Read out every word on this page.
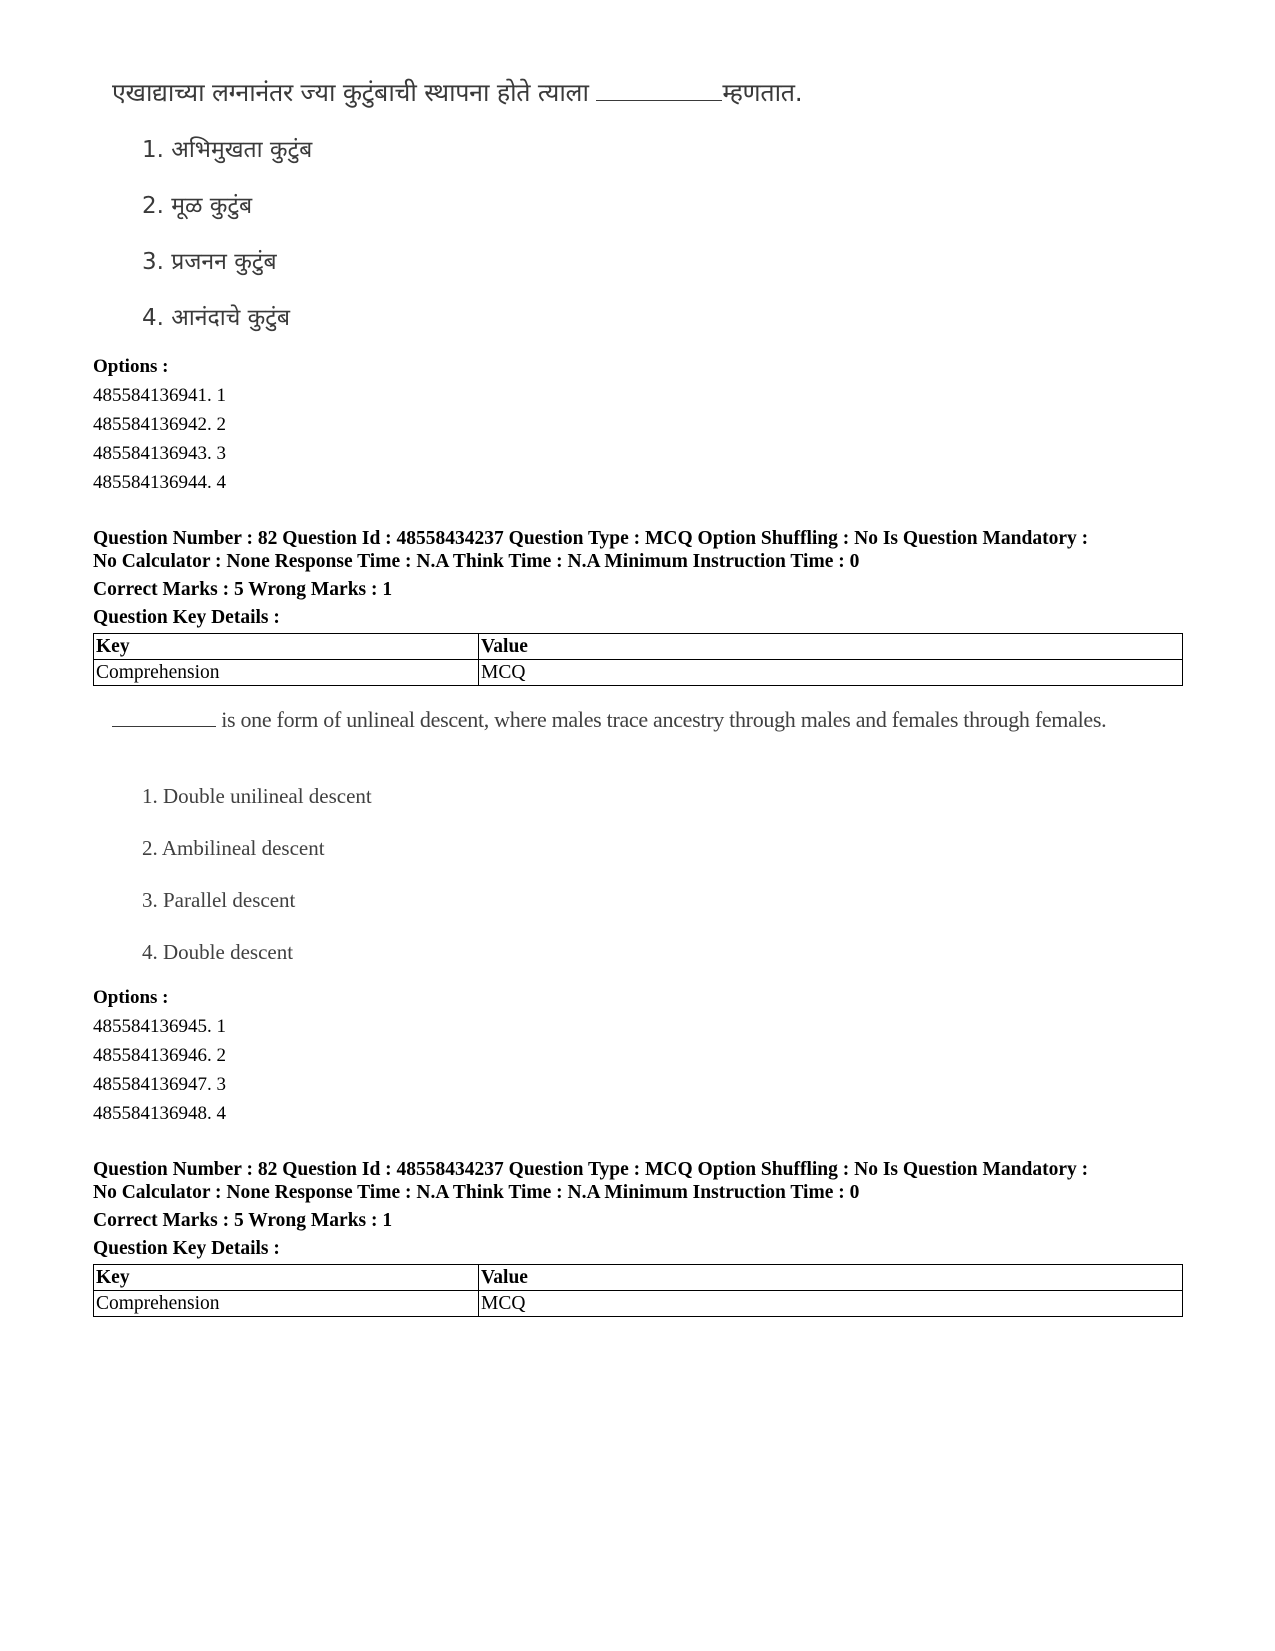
एखाद्याच्या लग्नानंतर ज्या कुटुंबाची स्थापना होते त्याला	म्हणतात.

1. अभिमुखता कुटुंब

2. मूळ कुटुंब

3. प्रजनन कुटुंब

4. आनंदाचे कुटुंब

Options :
485584136941. 1
485584136942. 2
485584136943. 3
485584136944. 4

Question Number : 82 Question Id : 48558434237 Question Type : MCQ Option Shuffling : No Is Question Mandatory :

No Calculator : None Response Time : N.A Think Time : N.A Minimum Instruction Time : 0

Correct Marks : 5 Wrong Marks : 1

Question Key Details :

Key	Value
Comprehension	MCQ

is one form of unlineal descent, where males trace ancestry through males and females through females.

1. Double unilineal descent

2. Ambilineal descent

3. Parallel descent

4. Double descent

Options :
485584136945. 1
485584136946. 2
485584136947. 3
485584136948. 4

Question Number : 82 Question Id : 48558434237 Question Type : MCQ Option Shuffling : No Is Question Mandatory :

No Calculator : None Response Time : N.A Think Time : N.A Minimum Instruction Time : 0

Correct Marks : 5 Wrong Marks : 1

Question Key Details :

Key	Value
Comprehension	MCQ
